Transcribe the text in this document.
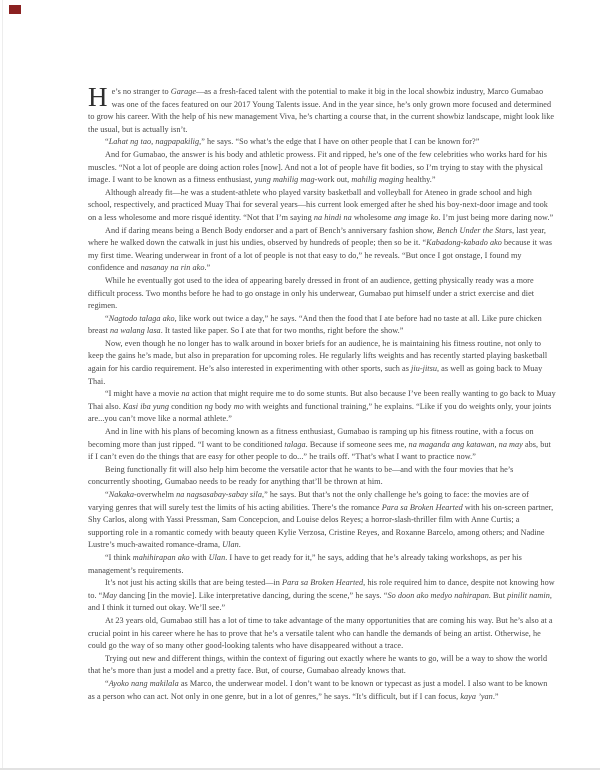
He’s no stranger to Garage—as a fresh-faced talent with the potential to make it big in the local showbiz industry, Marco Gumabao was one of the faces featured on our 2017 Young Talents issue. And in the year since, he’s only grown more focused and determined to grow his career. With the help of his new management Viva, he’s charting a course that, in the current showbiz landscape, might look like the usual, but is actually isn’t.

“Lahat ng tao, nagpapakilig,” he says. “So what’s the edge that I have on other people that I can be known for?”

And for Gumabao, the answer is his body and athletic prowess. Fit and ripped, he’s one of the few celebrities who works hard for his muscles. “Not a lot of people are doing action roles [now]. And not a lot of people have fit bodies, so I’m trying to stay with the physical image. I want to be known as a fitness enthusiast, yung mahilig mag-work out, mahilig maging healthy.”

Although already fit—he was a student-athlete who played varsity basketball and volleyball for Ateneo in grade school and high school, respectively, and practiced Muay Thai for several years—his current look emerged after he shed his boy-next-door image and took on a less wholesome and more risqué identity. “Not that I’m saying na hindi na wholesome ang image ko. I’m just being more daring now.”

And if daring means being a Bench Body endorser and a part of Bench’s anniversary fashion show, Bench Under the Stars, last year, where he walked down the catwalk in just his undies, observed by hundreds of people; then so be it. “Kabadong-kabado ako because it was my first time. Wearing underwear in front of a lot of people is not that easy to do,” he reveals. “But once I got onstage, I found my confidence and nasanay na rin ako.”

While he eventually got used to the idea of appearing barely dressed in front of an audience, getting physically ready was a more difficult process. Two months before he had to go onstage in only his underwear, Gumabao put himself under a strict exercise and diet regimen.

“Nagtodo talaga ako, like work out twice a day,” he says. “And then the food that I ate before had no taste at all. Like pure chicken breast na walang lasa. It tasted like paper. So I ate that for two months, right before the show.”

Now, even though he no longer has to walk around in boxer briefs for an audience, he is maintaining his fitness routine, not only to keep the gains he’s made, but also in preparation for upcoming roles. He regularly lifts weights and has recently started playing basketball again for his cardio requirement. He’s also interested in experimenting with other sports, such as jiu-jitsu, as well as going back to Muay Thai.

“I might have a movie na action that might require me to do some stunts. But also because I’ve been really wanting to go back to Muay Thai also. Kasi iba yung condition ng body mo with weights and functional training,” he explains. “Like if you do weights only, your joints are...you can’t move like a normal athlete.”

And in line with his plans of becoming known as a fitness enthusiast, Gumabao is ramping up his fitness routine, with a focus on becoming more than just ripped. “I want to be conditioned talaga. Because if someone sees me, na maganda ang katawan, na may abs, but if I can’t even do the things that are easy for other people to do...” he trails off. “That’s what I want to practice now.”

Being functionally fit will also help him become the versatile actor that he wants to be—and with the four movies that he’s concurrently shooting, Gumabao needs to be ready for anything that’ll be thrown at him.

“Nakaka-overwhelm na nagsasabay-sabay sila,” he says. But that’s not the only challenge he’s going to face: the movies are of varying genres that will surely test the limits of his acting abilities. There’s the romance Para sa Broken Hearted with his on-screen partner, Shy Carlos, along with Yassi Pressman, Sam Concepcion, and Louise delos Reyes; a horror-slash-thriller film with Anne Curtis; a supporting role in a romantic comedy with beauty queen Kylie Verzosa, Cristine Reyes, and Roxanne Barcelo, among others; and Nadine Lustre’s much-awaited romance-drama, Ulan.

“I think mahihirapan ako with Ulan. I have to get ready for it,” he says, adding that he’s already taking workshops, as per his management’s requirements.

It’s not just his acting skills that are being tested—in Para sa Broken Hearted, his role required him to dance, despite not knowing how to. “May dancing [in the movie]. Like interpretative dancing, during the scene,” he says. “So doon ako medyo nahirapan. But pinilit namin, and I think it turned out okay. We’ll see.”

At 23 years old, Gumabao still has a lot of time to take advantage of the many opportunities that are coming his way. But he’s also at a crucial point in his career where he has to prove that he’s a versatile talent who can handle the demands of being an artist. Otherwise, he could go the way of so many other good-looking talents who have disappeared without a trace.

Trying out new and different things, within the context of figuring out exactly where he wants to go, will be a way to show the world that he’s more than just a model and a pretty face. But, of course, Gumabao already knows that.

“Ayoko nang makilala as Marco, the underwear model. I don’t want to be known or typecast as just a model. I also want to be known as a person who can act. Not only in one genre, but in a lot of genres,” he says. “It’s difficult, but if I can focus, kaya ’yan.”
